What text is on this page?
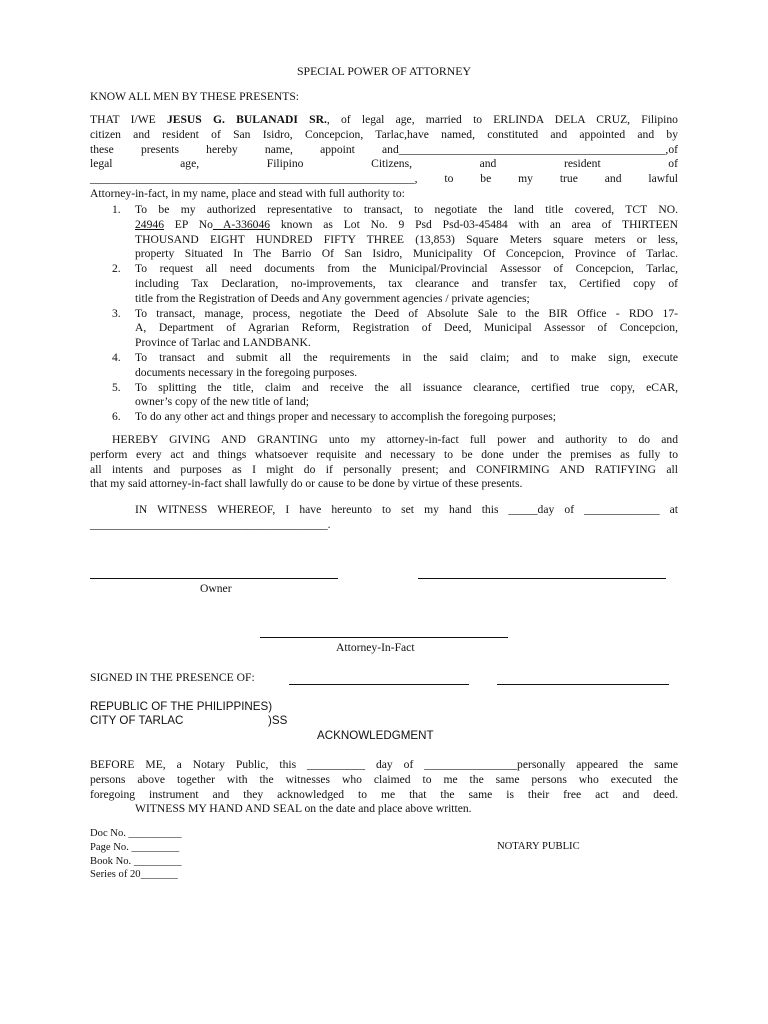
SPECIAL POWER OF ATTORNEY
KNOW ALL MEN BY THESE PRESENTS:
THAT I/WE JESUS G. BULANADI SR., of legal age, married to ERLINDA DELA CRUZ, Filipino
citizen and resident of San Isidro, Concepcion, Tarlac,have named, constituted and appointed and by
these presents hereby name, appoint and______________________________________________,of
legal	age,	Filipino	Citizens,	and	resident	of
________________________________________________________, to be my true and lawful
Attorney-in-fact, in my name, place and stead with full authority to:
1. To be my authorized representative to transact, to negotiate the land title covered, TCT NO.
24946 EP No A-336046 known as Lot No. 9 Psd Psd-03-45484 with an area of THIRTEEN
THOUSAND EIGHT HUNDRED FIFTY THREE (13,853) Square Meters square meters or less,
property Situated In The Barrio Of San Isidro, Municipality Of Concepcion, Province of Tarlac.
2. To request all need documents from the Municipal/Provincial Assessor of Concepcion, Tarlac,
including Tax Declaration, no-improvements, tax clearance and transfer tax, Certified copy of
title from the Registration of Deeds and Any government agencies / private agencies;
3. To transact, manage, process, negotiate the Deed of Absolute Sale to the BIR Office - RDO 17-
A, Department of Agrarian Reform, Registration of Deed, Municipal Assessor of Concepcion,
Province of Tarlac and LANDBANK.
4. To transact and submit all the requirements in the said claim; and to make sign, execute
documents necessary in the foregoing purposes.
5. To splitting the title, claim and receive the all issuance clearance, certified true copy, eCAR,
owner’s copy of the new title of land;
6. To do any other act and things proper and necessary to accomplish the foregoing purposes;
HEREBY GIVING AND GRANTING unto my attorney-in-fact full power and authority to do and
perform every act and things whatsoever requisite and necessary to be done under the premises as fully to
all intents and purposes as I might do if personally present; and CONFIRMING AND RATIFYING all
that my said attorney-in-fact shall lawfully do or cause to be done by virtue of these presents.
IN WITNESS WHEREOF, I have hereunto to set my hand this _____day of _____________ at
_________________________________________.
Owner
Attorney-In-Fact
SIGNED IN THE PRESENCE OF:
REPUBLIC OF THE PHILIPPINES)
CITY OF TARLAC	)SS
ACKNOWLEDGMENT
BEFORE ME, a Notary Public, this __________ day of ________________personally appeared the same
persons above together with the witnesses who claimed to me the same persons who executed the
foregoing instrument and they acknowledged to me that the same is their free act and deed.
WITNESS MY HAND AND SEAL on the date and place above written.
Doc No. __________
Page No. _________
Book No. _________
Series of 20_______
NOTARY PUBLIC
